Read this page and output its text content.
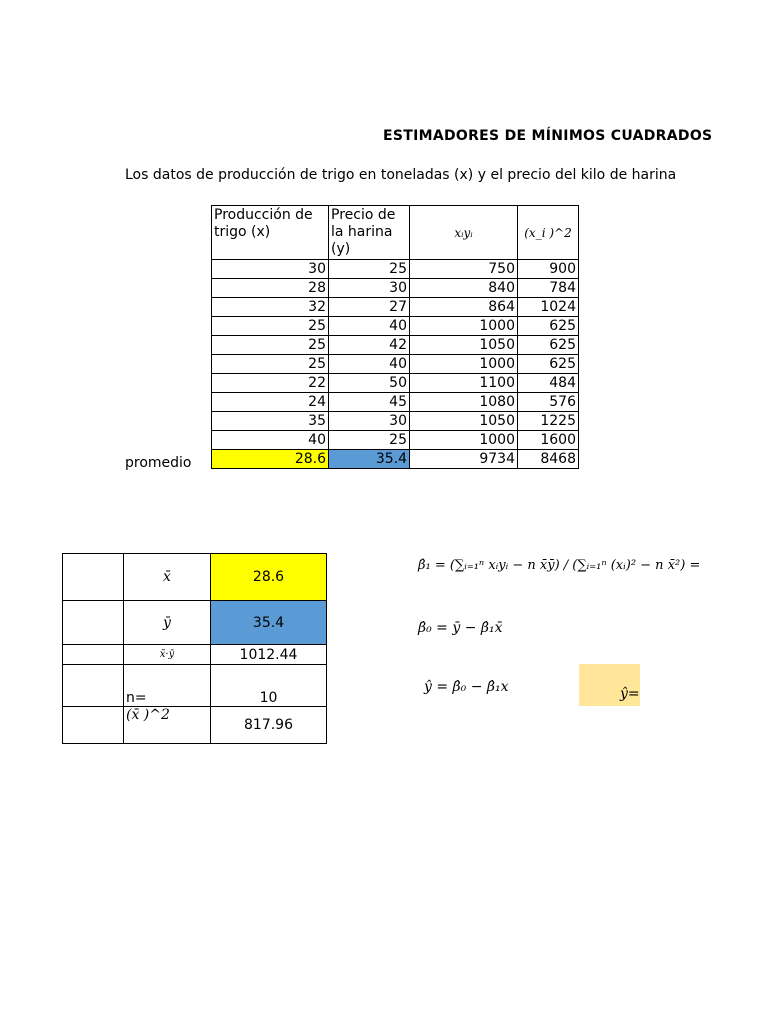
ESTIMADORES DE MÍNIMOS CUADRADOS
Los datos de producción de trigo en toneladas (x) y el precio del kilo de harina
Producción de trigo (x)	Precio de la harina (y)	xᵢyᵢ	(x_i )^2
30	25	750	900
28	30	840	784
32	27	864	1024
25	40	1000	625
25	42	1050	625
25	40	1000	625
22	50	1100	484
24	45	1080	576
35	30	1050	1225
40	25	1000	1600
28.6	35.4	9734	8468
promedio
	x̄	28.6
	ȳ	35.4
	x̄·ȳ	1012.44
	n=	10
	(x̄ )^2	817.96
β̂₁ = (∑ᵢ₌₁ⁿ xᵢyᵢ − n x̄ȳ) / (∑ᵢ₌₁ⁿ (xᵢ)² − n x̄²) =
β̂₀ = ȳ − β̂₁x̄
ŷ = β̂₀ − β̂₁x	ŷ=
